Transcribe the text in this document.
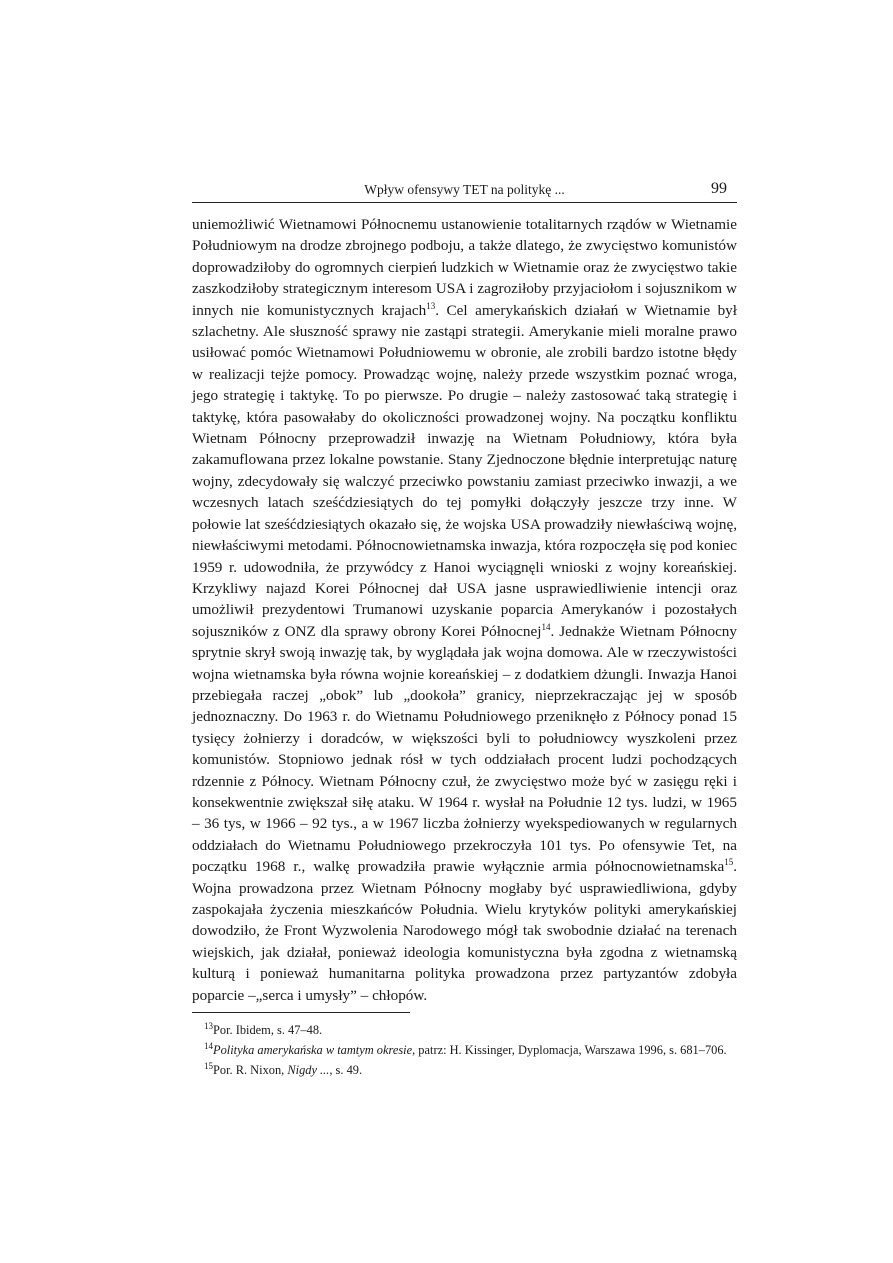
Wpływ ofensywy TET na politykę ...	99

uniemożliwić Wietnamowi Północnemu ustanowienie totalitarnych rządów w Wietnamie Południowym na drodze zbrojnego podboju, a także dlatego, że zwycięstwo komunistów doprowadziłoby do ogromnych cierpień ludzkich w Wietnamie oraz że zwycięstwo takie zaszkodziłoby strategicznym interesom USA i zagroziłoby przyjaciołom i sojusznikom w innych nie komunistycznych krajach$^{13}$. Cel amerykańskich działań w Wietnamie był szlachetny. Ale słuszność sprawy nie zastąpi strategii. Amerykanie mieli moralne prawo usiłować pomóc Wietnamowi Południowemu w obronie, ale zrobili bardzo istotne błędy w realizacji tejże pomocy. Prowadząc wojnę, należy przede wszystkim poznać wroga, jego strategię i taktykę. To po pierwsze. Po drugie – należy zastosować taką strategię i taktykę, która pasowałaby do okoliczności prowadzonej wojny. Na początku konfliktu Wietnam Północny przeprowadził inwazję na Wietnam Południowy, która była zakamuflowana przez lokalne powstanie. Stany Zjednoczone błędnie interpretując naturę wojny, zdecydowały się walczyć przeciwko powstaniu zamiast przeciwko inwazji, a we wczesnych latach sześćdziesiątych do tej pomyłki dołączyły jeszcze trzy inne. W połowie lat sześćdziesiątych okazało się, że wojska USA prowadziły niewłaściwą wojnę, niewłaściwymi metodami. Północnowietnamska inwazja, która rozpoczęła się pod koniec 1959 r. udowodniła, że przywódcy z Hanoi wyciągnęli wnioski z wojny koreańskiej. Krzykliwy najazd Korei Północnej dał USA jasne usprawiedliwienie intencji oraz umożliwił prezydentowi Trumanowi uzyskanie poparcia Amerykanów i pozostałych sojuszników z ONZ dla sprawy obrony Korei Północnej$^{14}$. Jednakże Wietnam Północny sprytnie skrył swoją inwazję tak, by wyglądała jak wojna domowa. Ale w rzeczywistości wojna wietnamska była równa wojnie koreańskiej – z dodatkiem dżungli. Inwazja Hanoi przebiegała raczej „obok” lub „dookoła” granicy, nieprzekraczając jej w sposób jednoznaczny. Do 1963 r. do Wietnamu Południowego przeniknęło z Północy ponad 15 tysięcy żołnierzy i doradców, w większości byli to południowcy wyszkoleni przez komunistów. Stopniowo jednak rósł w tych oddziałach procent ludzi pochodzących rdzennie z Północy. Wietnam Północny czuł, że zwycięstwo może być w zasięgu ręki i konsekwentnie zwiększał siłę ataku. W 1964 r. wysłał na Południe 12 tys. ludzi, w 1965 – 36 tys, w 1966 – 92 tys., a w 1967 liczba żołnierzy wyekspediowanych w regularnych oddziałach do Wietnamu Południowego przekroczyła 101 tys. Po ofensywie Tet, na początku 1968 r., walkę prowadziła prawie wyłącznie armia północnowietnamska$^{15}$. Wojna prowadzona przez Wietnam Północny mogłaby być usprawiedliwiona, gdyby zaspokajała życzenia mieszkańców Południa. Wielu krytyków polityki amerykańskiej dowodziło, że Front Wyzwolenia Narodowego mógł tak swobodnie działać na terenach wiejskich, jak działał, ponieważ ideologia komunistyczna była zgodna z wietnamską kulturą i ponieważ humanitarna polityka prowadzona przez partyzantów zdobyła poparcie –„serca i umysły” – chłopów.

$^{13}$Por. Ibidem, s. 47–48.

$^{14}$Polityka amerykańska w tamtym okresie, patrz: H. Kissinger, Dyplomacja, Warszawa 1996, s. 681–706.

$^{15}$Por. R. Nixon, Nigdy ..., s. 49.
